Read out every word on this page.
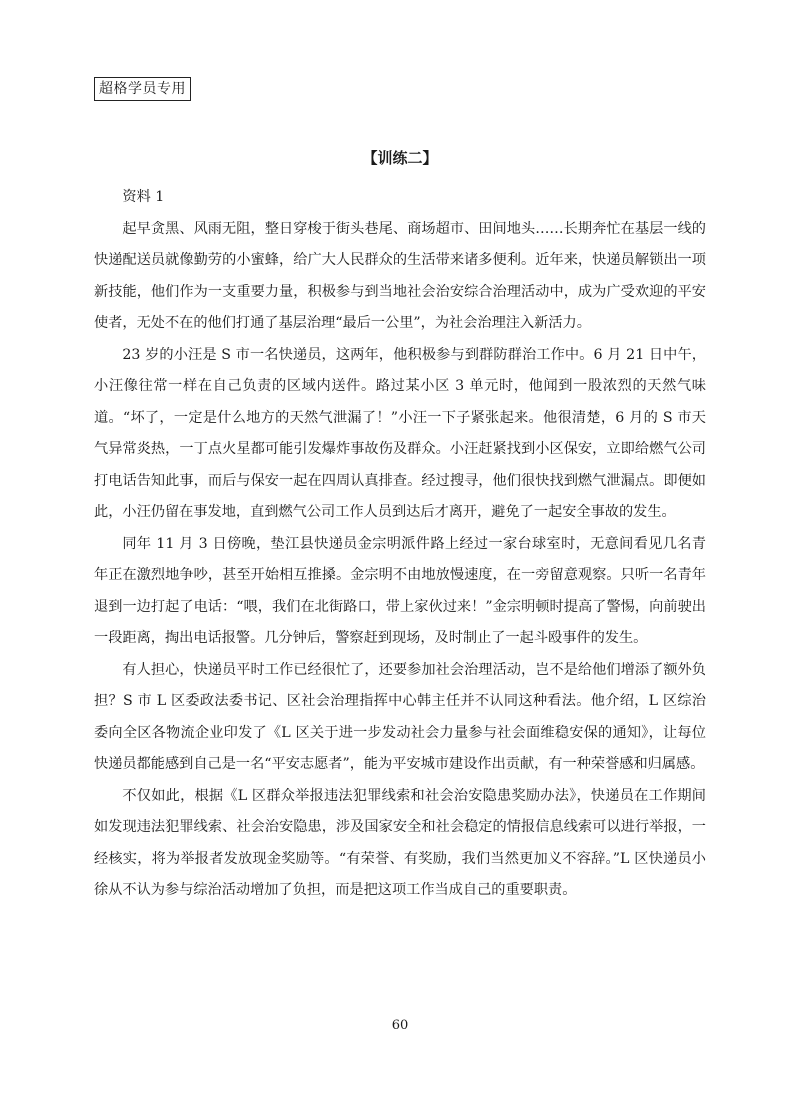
超格学员专用
【训练二】

资料 1

起早贪黑、风雨无阻，整日穿梭于街头巷尾、商场超市、田间地头……长期奔忙在基层一线的快递配送员就像勤劳的小蜜蜂，给广大人民群众的生活带来诸多便利。近年来，快递员解锁出一项新技能，他们作为一支重要力量，积极参与到当地社会治安综合治理活动中，成为广受欢迎的平安使者，无处不在的他们打通了基层治理“最后一公里”，为社会治理注入新活力。

23 岁的小汪是 S 市一名快递员，这两年，他积极参与到群防群治工作中。6 月 21 日中午，小汪像往常一样在自己负责的区域内送件。路过某小区 3 单元时，他闻到一股浓烈的天然气味道。“坏了，一定是什么地方的天然气泄漏了！”小汪一下子紧张起来。他很清楚，6 月的 S 市天气异常炎热，一丁点火星都可能引发爆炸事故伤及群众。小汪赶紧找到小区保安，立即给燃气公司打电话告知此事，而后与保安一起在四周认真排查。经过搜寻，他们很快找到燃气泄漏点。即便如此，小汪仍留在事发地，直到燃气公司工作人员到达后才离开，避免了一起安全事故的发生。

同年 11 月 3 日傍晚，垫江县快递员金宗明派件路上经过一家台球室时，无意间看见几名青年正在激烈地争吵，甚至开始相互推搡。金宗明不由地放慢速度，在一旁留意观察。只听一名青年退到一边打起了电话：“喂，我们在北街路口，带上家伙过来！”金宗明顿时提高了警惕，向前驶出一段距离，掏出电话报警。几分钟后，警察赶到现场，及时制止了一起斗殴事件的发生。

有人担心，快递员平时工作已经很忙了，还要参加社会治理活动，岂不是给他们增添了额外负担？S 市 L 区委政法委书记、区社会治理指挥中心韩主任并不认同这种看法。他介绍，L 区综治委向全区各物流企业印发了《L 区关于进一步发动社会力量参与社会面维稳安保的通知》，让每位快递员都能感到自己是一名“平安志愿者”，能为平安城市建设作出贡献，有一种荣誉感和归属感。

不仅如此，根据《L 区群众举报违法犯罪线索和社会治安隐患奖励办法》，快递员在工作期间如发现违法犯罪线索、社会治安隐患，涉及国家安全和社会稳定的情报信息线索可以进行举报，一经核实，将为举报者发放现金奖励等。“有荣誉、有奖励，我们当然更加义不容辞。”L 区快递员小徐从不认为参与综治活动增加了负担，而是把这项工作当成自己的重要职责。

60
